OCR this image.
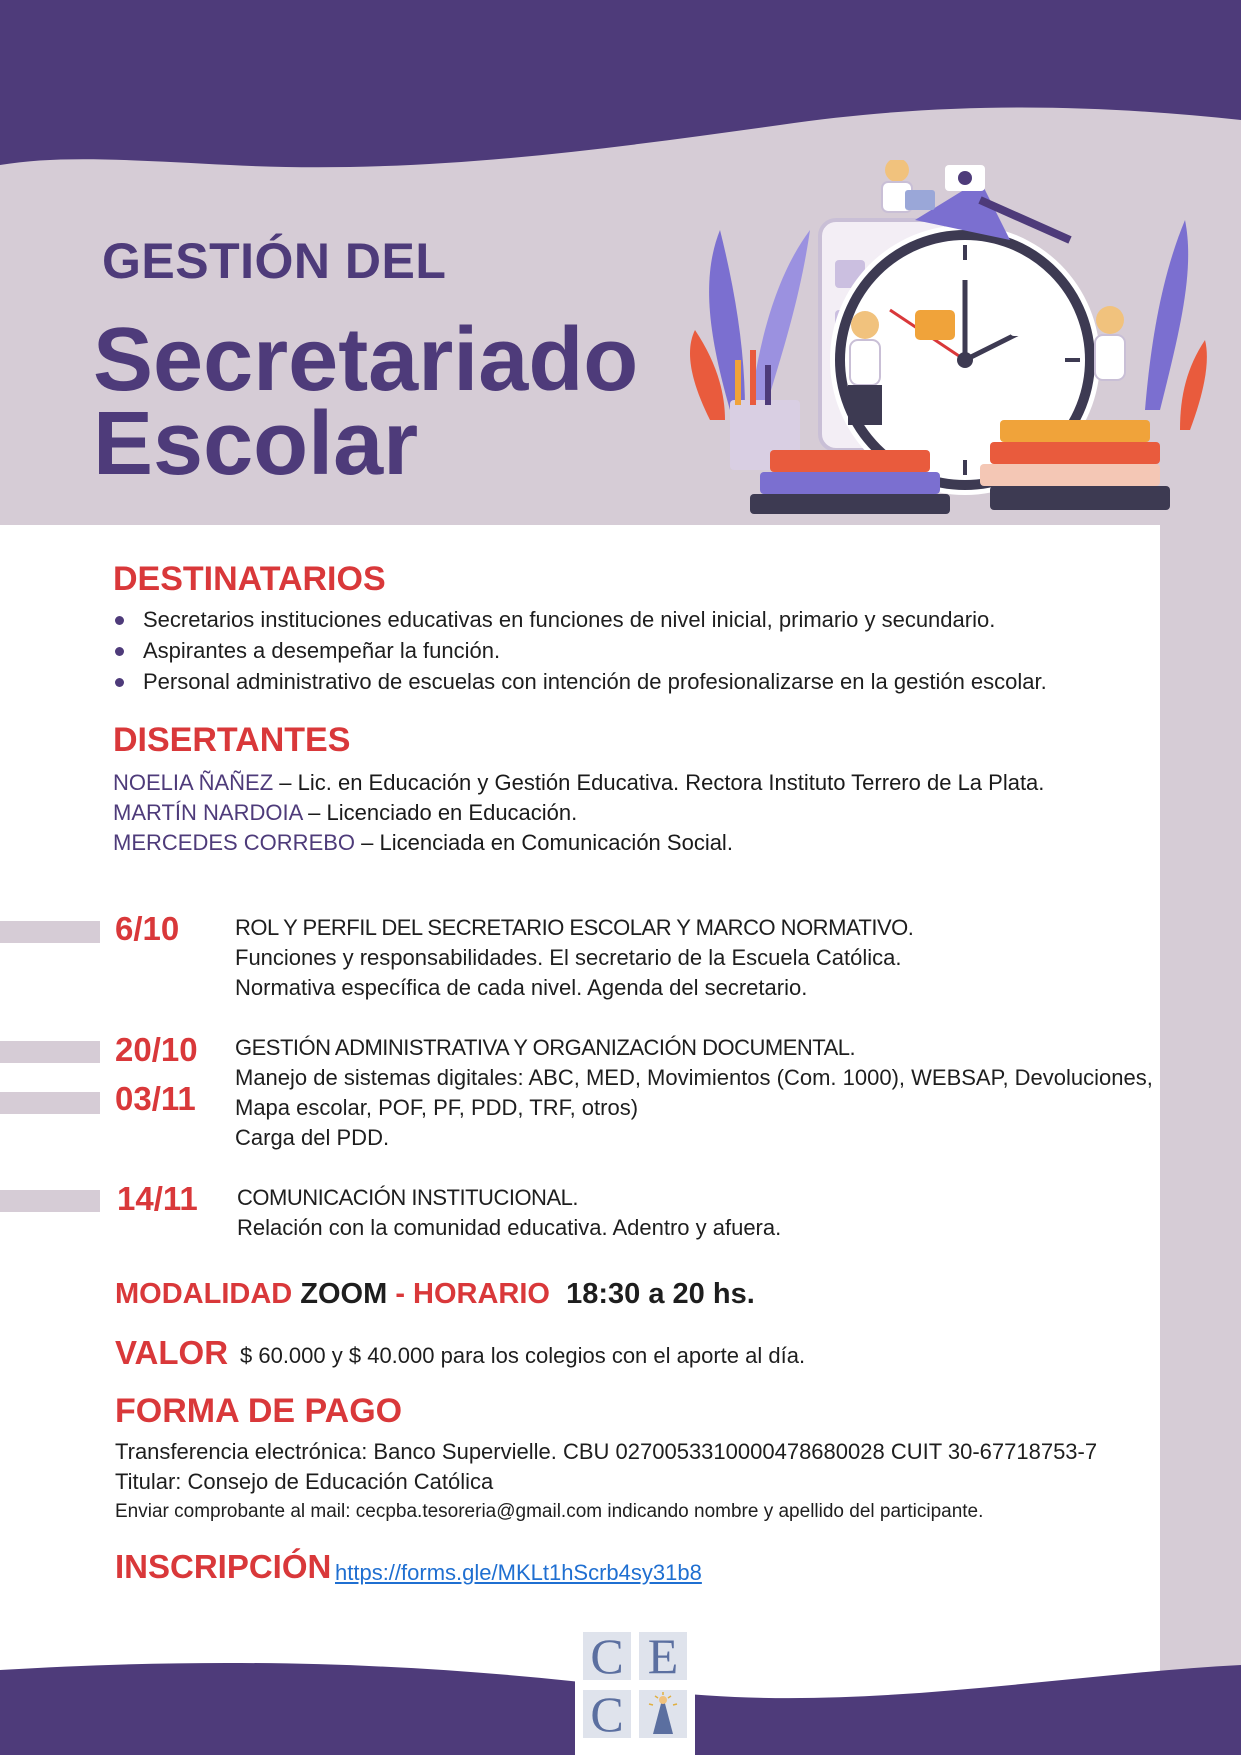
GESTIÓN DEL
Secretariado
Escolar
DESTINATARIOS
Secretarios instituciones educativas en funciones de nivel inicial, primario y secundario.
Aspirantes a desempeñar la función.
Personal administrativo de escuelas con intención de profesionalizarse en la gestión escolar.
DISERTANTES
NOELIA ÑAÑEZ – Lic. en Educación y Gestión Educativa. Rectora Instituto Terrero de La Plata.
MARTÍN NARDOIA – Licenciado en Educación.
MERCEDES CORREBO – Licenciada en Comunicación Social.
6/10	ROL Y PERFIL DEL SECRETARIO ESCOLAR Y MARCO NORMATIVO.
Funciones y responsabilidades. El secretario de la Escuela Católica.
Normativa específica de cada nivel. Agenda del secretario.
20/10
03/11
GESTIÓN ADMINISTRATIVA Y ORGANIZACIÓN DOCUMENTAL.
Manejo de sistemas digitales: ABC, MED, Movimientos (Com. 1000), WEBSAP, Devoluciones,
Mapa escolar, POF, PF, PDD, TRF, otros)
Carga del PDD.
14/11 COMUNICACIÓN INSTITUCIONAL.
Relación con la comunidad educativa. Adentro y afuera.
MODALIDAD ZOOM - HORARIO 18:30 a 20 hs.
VALOR $ 60.000 y $ 40.000 para los colegios con el aporte al día.
FORMA DE PAGO
Transferencia electrónica: Banco Supervielle. CBU 0270053310000478680028 CUIT 30-67718753-7
Titular: Consejo de Educación Católica
Enviar comprobante al mail: cecpba.tesoreria@gmail.com indicando nombre y apellido del participante.
INSCRIPCIÓN https://forms.gle/MKLt1hScrb4sy31b8
C E
C
